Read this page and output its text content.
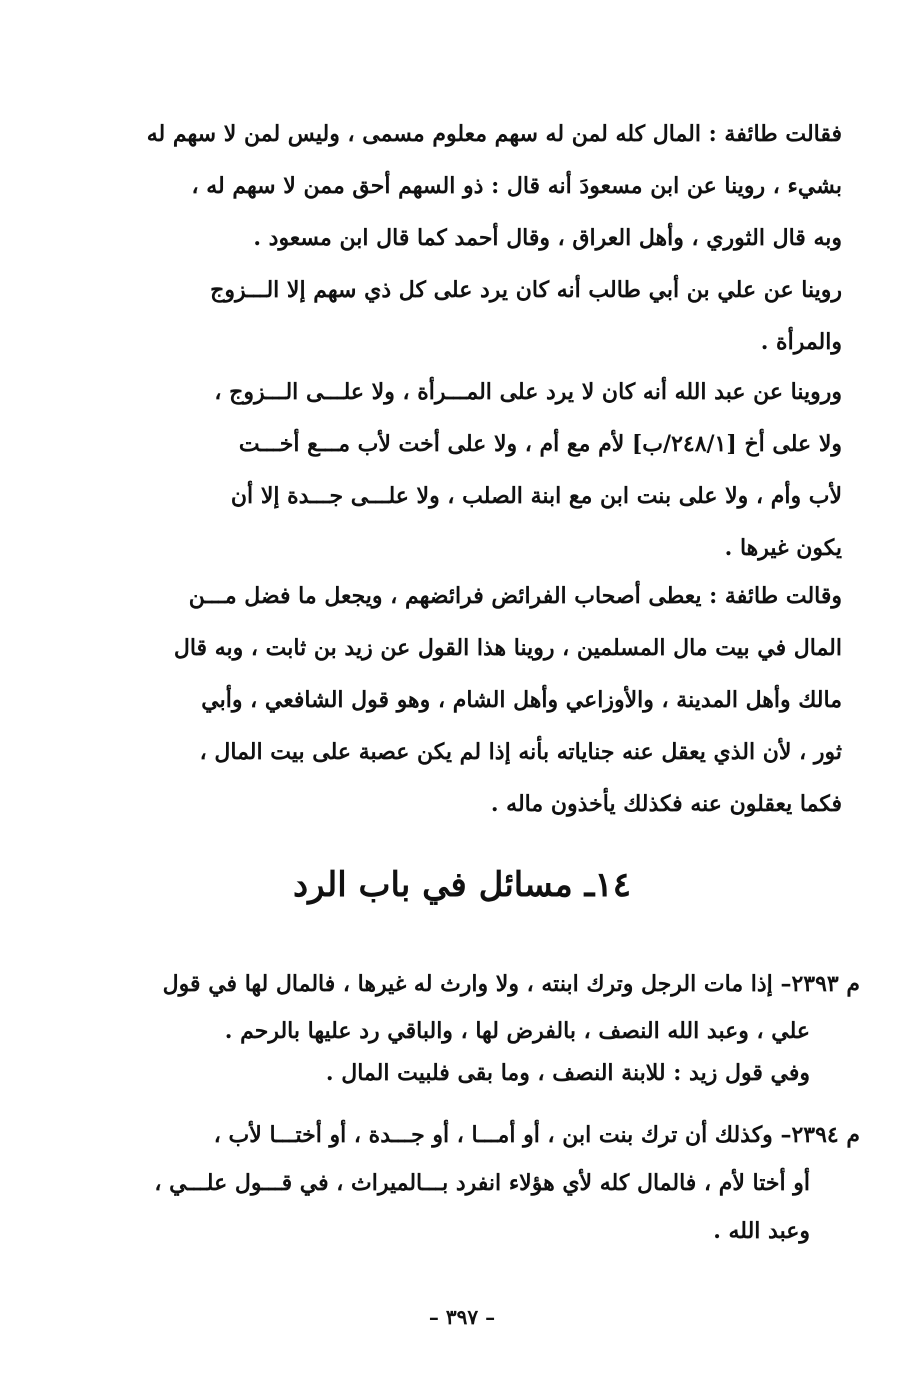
فقالت طائفة : المال كله لمن له سهم معلوم مسمى ، وليس لمن لا سهم له
بشيء ، روينا عن ابن مسعودَ أنه قال : ذو السهم أحق ممن لا سهم له ،
وبه قال الثوري ، وأهل العراق ، وقال أحمد كما قال ابن مسعود .
روينا عن علي بن أبي طالب أنه كان يرد على كل ذي سهم إلا الـــزوج
والمرأة .
وروينا عن عبد الله أنه كان لا يرد على المـــرأة ، ولا علـــى الـــزوج ،
ولا على أخ [٢٤٨/١/ب] لأم مع أم ، ولا على أخت لأب مـــع أخـــت
لأب وأم ، ولا على بنت ابن مع ابنة الصلب ، ولا علـــى جـــدة إلا أن
يكون غيرها .
وقالت طائفة : يعطى أصحاب الفرائض فرائضهم ، ويجعل ما فضل مـــن
المال في بيت مال المسلمين ، روينا هذا القول عن زيد بن ثابت ، وبه قال
مالك وأهل المدينة ، والأوزاعي وأهل الشام ، وهو قول الشافعي ، وأبي
ثور ، لأن الذي يعقل عنه جناياته بأنه إذا لم يكن عصبة على بيت المال ،
فكما يعقلون عنه فكذلك يأخذون ماله .
١٤ـ مسائل في باب الرد
م ٢٣٩٣– إذا مات الرجل وترك ابنته ، ولا وارث له غيرها ، فالمال لها في قول
علي ، وعبد الله النصف ، بالفرض لها ، والباقي رد عليها بالرحم .
وفي قول زيد : للابنة النصف ، وما بقى فلبيت المال .
م ٢٣٩٤– وكذلك أن ترك بنت ابن ، أو أمـــا ، أو جـــدة ، أو أختـــا لأب ،
أو أختا لأم ، فالمال كله لأي هؤلاء انفرد بـــالميراث ، في قـــول علـــي ،
وعبد الله .
– ٣٩٧ –
